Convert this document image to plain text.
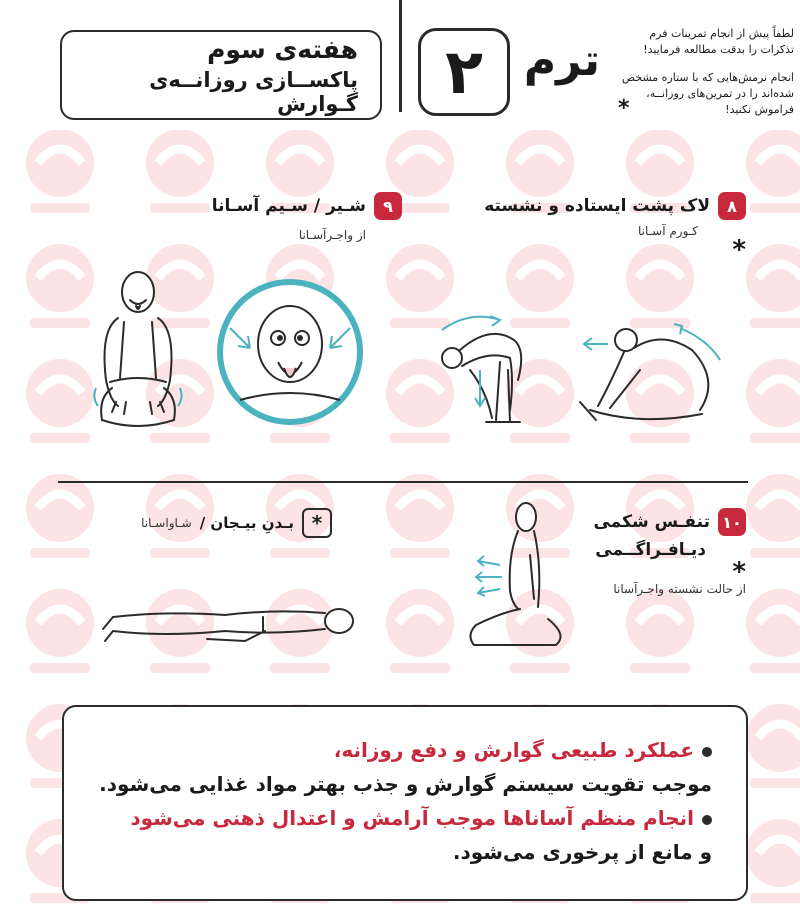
هفته‌ی سوم
پاکســازی روزانــه‌ی گـوارش	۲ ترم
لطفاً پیش از انجام تمرینات فرم تذکرات را بدقت مطالعه فرمایید!
انجام نرمش‌هایی که با ستاره مشخص شده‌اند را در تمرین‌های روزانــه، فراموش نکنید!
*
۸
لاک پشت ایستاده و نشسته
کـورم آسـانا
*
۹
شـیر / سـیم آسـانا
از واجـرآسـانا
۱۰
تنفـس شکمی
دیـافـراگــمی
*
از حالت نشسته واجـرآسانا
*
بـدنِ بیـجان /
شـاواسـانا
عملکرد طبیعی گوارش و دفع روزانه،
موجب تقویت سیستم گوارش و جذب بهتر مواد غذایی می‌شود.
انجام منظم آسانا‌ها موجب آرامش و اعتدال ذهنی می‌شود
و مانع از پرخوری می‌شود.
